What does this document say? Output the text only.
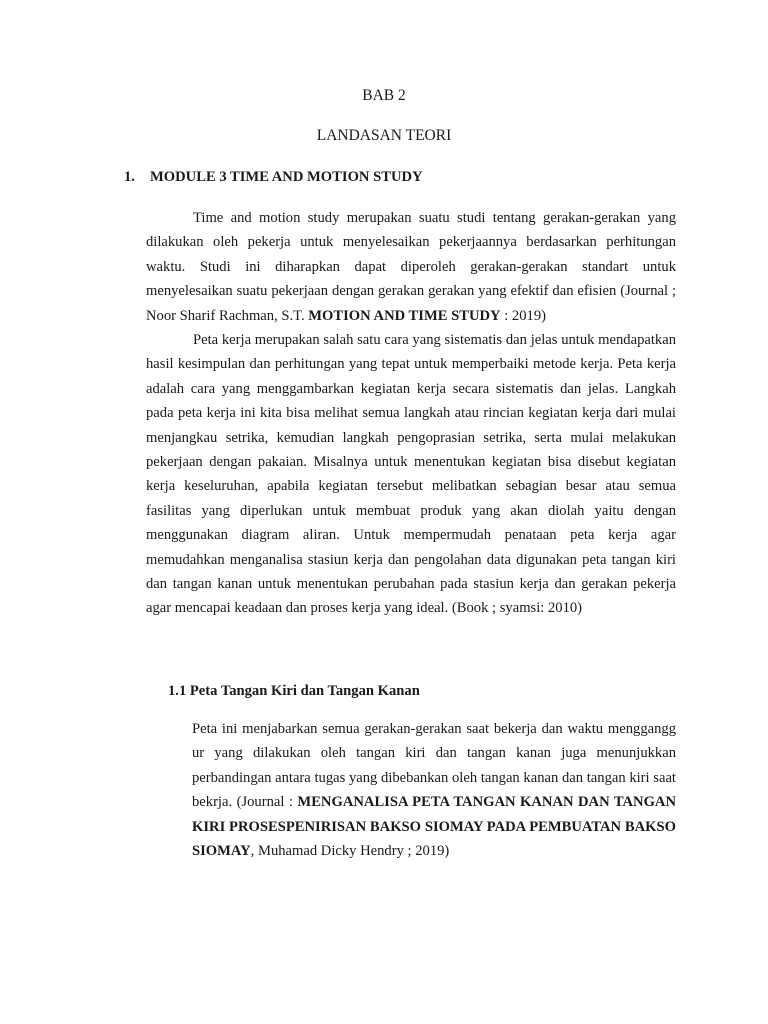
BAB 2
LANDASAN TEORI
1. MODULE 3 TIME AND MOTION STUDY

Time and motion study merupakan suatu studi tentang gerakan-gerakan yang dilakukan oleh pekerja untuk menyelesaikan pekerjaannya berdasarkan perhitungan waktu. Studi ini diharapkan dapat diperoleh gerakan-gerakan standart untuk menyelesaikan suatu pekerjaan dengan gerakan gerakan yang efektif dan efisien (Journal ; Noor Sharif Rachman, S.T. MOTION AND TIME STUDY : 2019)

Peta kerja merupakan salah satu cara yang sistematis dan jelas untuk mendapatkan hasil kesimpulan dan perhitungan yang tepat untuk memperbaiki metode kerja. Peta kerja adalah cara yang menggambarkan kegiatan kerja secara sistematis dan jelas. Langkah pada peta kerja ini kita bisa melihat semua langkah atau rincian kegiatan kerja dari mulai menjangkau setrika, kemudian langkah pengoprasian setrika, serta mulai melakukan pekerjaan dengan pakaian. Misalnya untuk menentukan kegiatan bisa disebut kegiatan kerja keseluruhan, apabila kegiatan tersebut melibatkan sebagian besar atau semua fasilitas yang diperlukan untuk membuat produk yang akan diolah yaitu dengan menggunakan diagram aliran. Untuk mempermudah penataan peta kerja agar memudahkan menganalisa stasiun kerja dan pengolahan data digunakan peta tangan kiri dan tangan kanan untuk menentukan perubahan pada stasiun kerja dan gerakan pekerja agar mencapai keadaan dan proses kerja yang ideal. (Book ; syamsi: 2010)

1.1 Peta Tangan Kiri dan Tangan Kanan

Peta ini menjabarkan semua gerakan-gerakan saat bekerja dan waktu menggangg ur yang dilakukan oleh tangan kiri dan tangan kanan juga menunjukkan perbandingan antara tugas yang dibebankan oleh tangan kanan dan tangan kiri saat bekrja. (Journal : MENGANALISA PETA TANGAN KANAN DAN TANGAN KIRI PROSESPENIRISAN BAKSO SIOMAY PADA PEMBUATAN BAKSO SIOMAY, Muhamad Dicky Hendry ; 2019)
